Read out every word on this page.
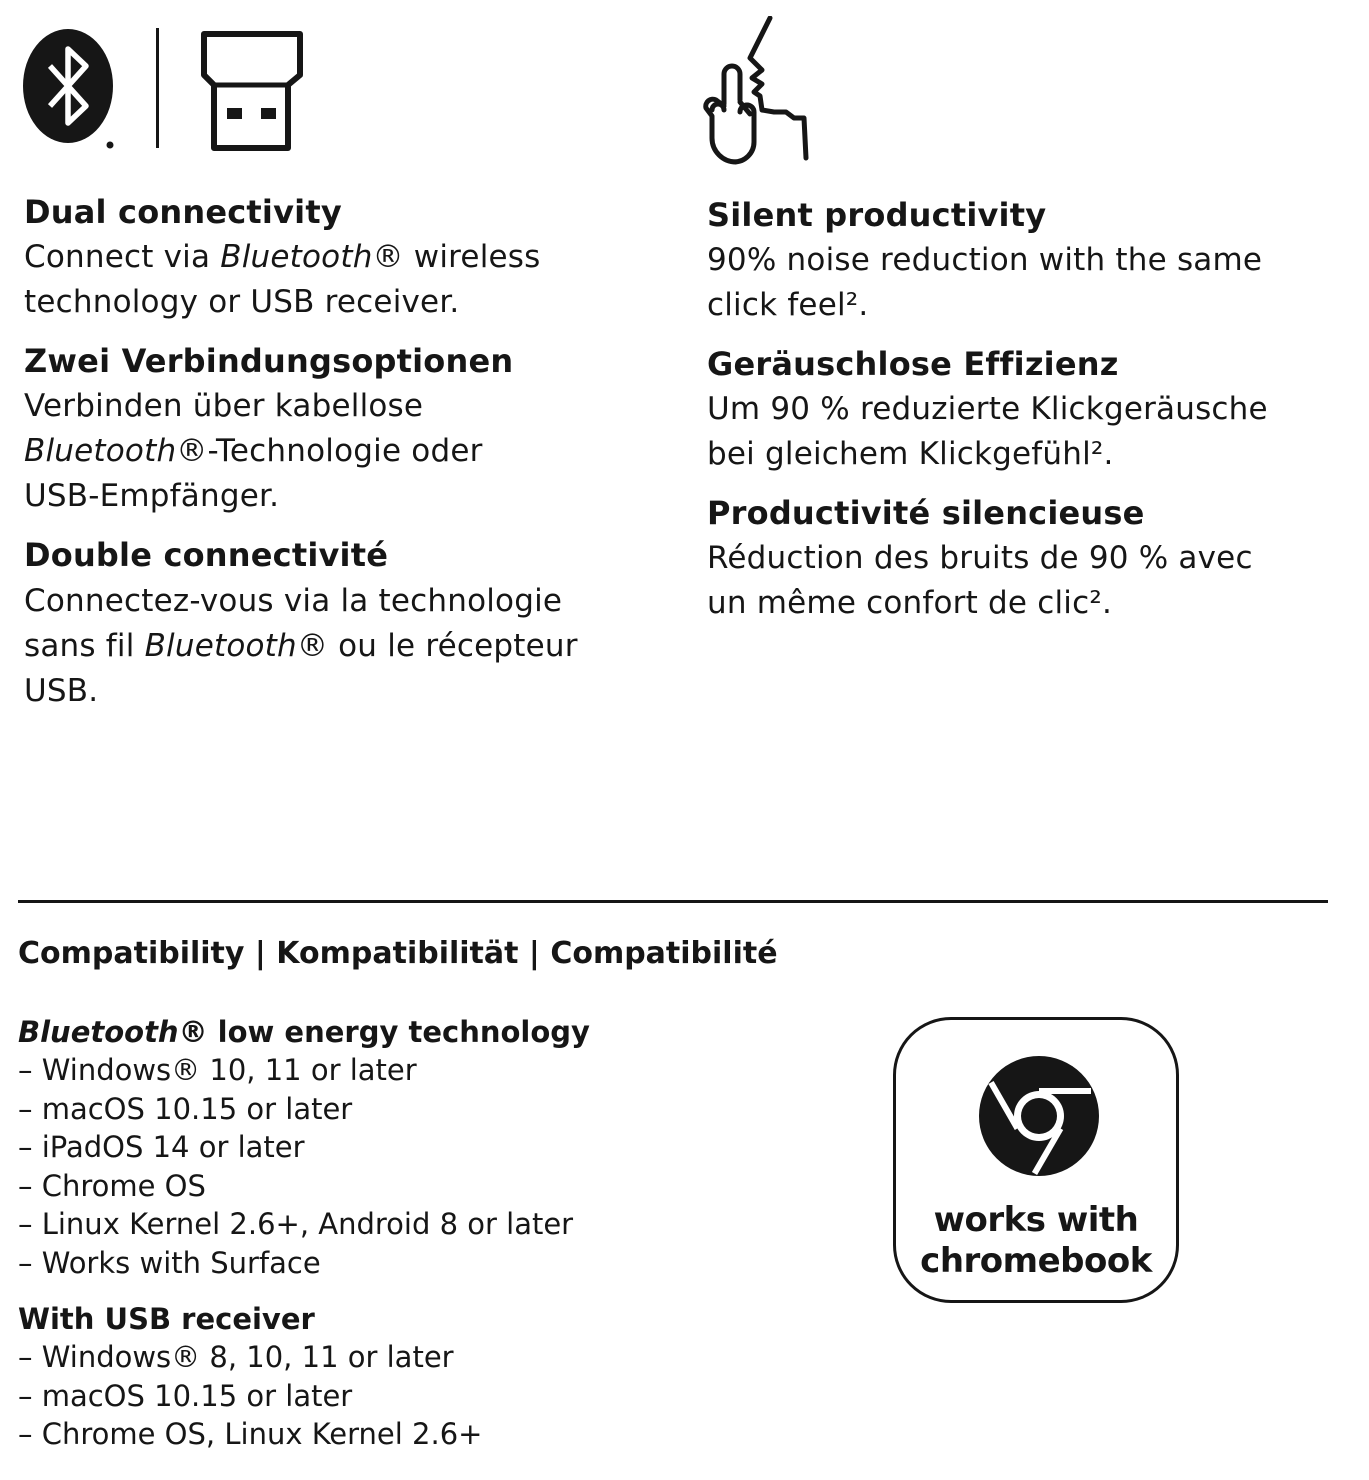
Dual connectivity
Connect via Bluetooth® wireless
technology or USB receiver.
Zwei Verbindungsoptionen
Verbinden über kabellose
Bluetooth®-Technologie oder
USB-Empfänger.
Double connectivité
Connectez-vous via la technologie
sans fil Bluetooth® ou le récepteur
USB.
Silent productivity
90% noise reduction with the same
click feel².
Geräuschlose Effizienz
Um 90 % reduzierte Klickgeräusche
bei gleichem Klickgefühl².
Productivité silencieuse
Réduction des bruits de 90 % avec
un même confort de clic².
Compatibility | Kompatibilität | Compatibilité
Bluetooth® low energy technology
– Windows® 10, 11 or later
– macOS 10.15 or later
– iPadOS 14 or later
– Chrome OS
– Linux Kernel 2.6+, Android 8 or later
– Works with Surface
With USB receiver
– Windows® 8, 10, 11 or later
– macOS 10.15 or later
– Chrome OS, Linux Kernel 2.6+
works with
chromebook
